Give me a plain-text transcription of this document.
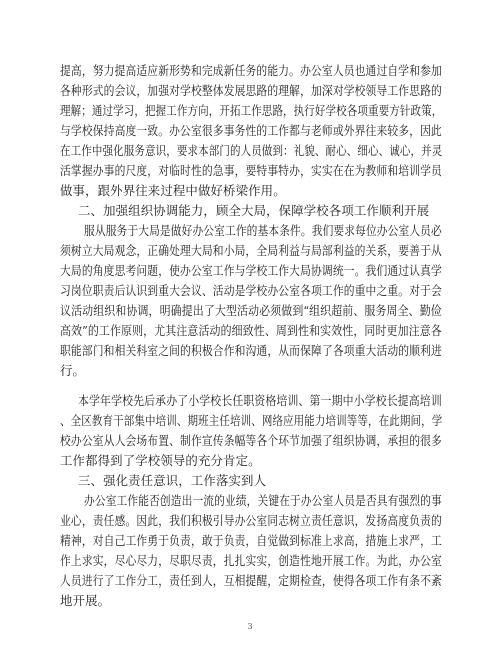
提高，努力提高适应新形势和完成新任务的能力。办公室人员也通过自学和参加
各种形式的会议，加强对学校整体发展思路的理解，加深对学校领导工作思路的
理解；通过学习，把握工作方向，开拓工作思路，执行好学校各项重要方针政策，
与学校保持高度一致。办公室很多事务性的工作都与老师或外界往来较多，因此
在工作中强化服务意识，要求本部门的人员做到：礼貌、耐心、细心、诚心，并灵
活掌握办事的尺度，对临时性的急事，要特事特办，实实在在为教师和培训学员
做事，跟外界往来过程中做好桥梁作用。
二、加强组织协调能力，顾全大局，保障学校各项工作顺利开展
服从服务于大局是做好办公室工作的基本条件。我们要求每位办公室人员必
须树立大局观念，正确处理大局和小局，全局利益与局部利益的关系，要善于从
大局的角度思考问题，使办公室工作与学校工作大局协调统一。我们通过认真学
习岗位职责后认识到重大会议、活动是学校办公室各项工作的重中之重。对于会
议活动组织和协调，明确提出了大型活动必须做到“组织超前、服务周全、勤俭
高效”的工作原则，尤其注意活动的细致性、周到性和实效性，同时更加注意各
职能部门和相关科室之间的积极合作和沟通，从而保障了各项重大活动的顺利进
行。
本学年学校先后承办了小学校长任职资格培训、第一期中小学校长提高培训
、全区教育干部集中培训、期班主任培训、网络应用能力培训等等，在此期间，学
校办公室从人会场布置、制作宣传条幅等各个环节加强了组织协调，承担的很多
工作都得到了学校领导的充分肯定。
三、强化责任意识，工作落实到人
办公室工作能否创造出一流的业绩，关键在于办公室人员是否具有强烈的事
业心，责任感。因此，我们积极引导办公室同志树立责任意识，发扬高度负责的
精神，对自己工作勇于负责，敢于负责，自觉做到标准上求高，措施上求严，工
作上求实，尽心尽力，尽职尽责，扎扎实实，创造性地开展工作。为此，办公室
人员进行了工作分工，责任到人，互相提醒，定期检查，使得各项工作有条不紊
地开展。
3
